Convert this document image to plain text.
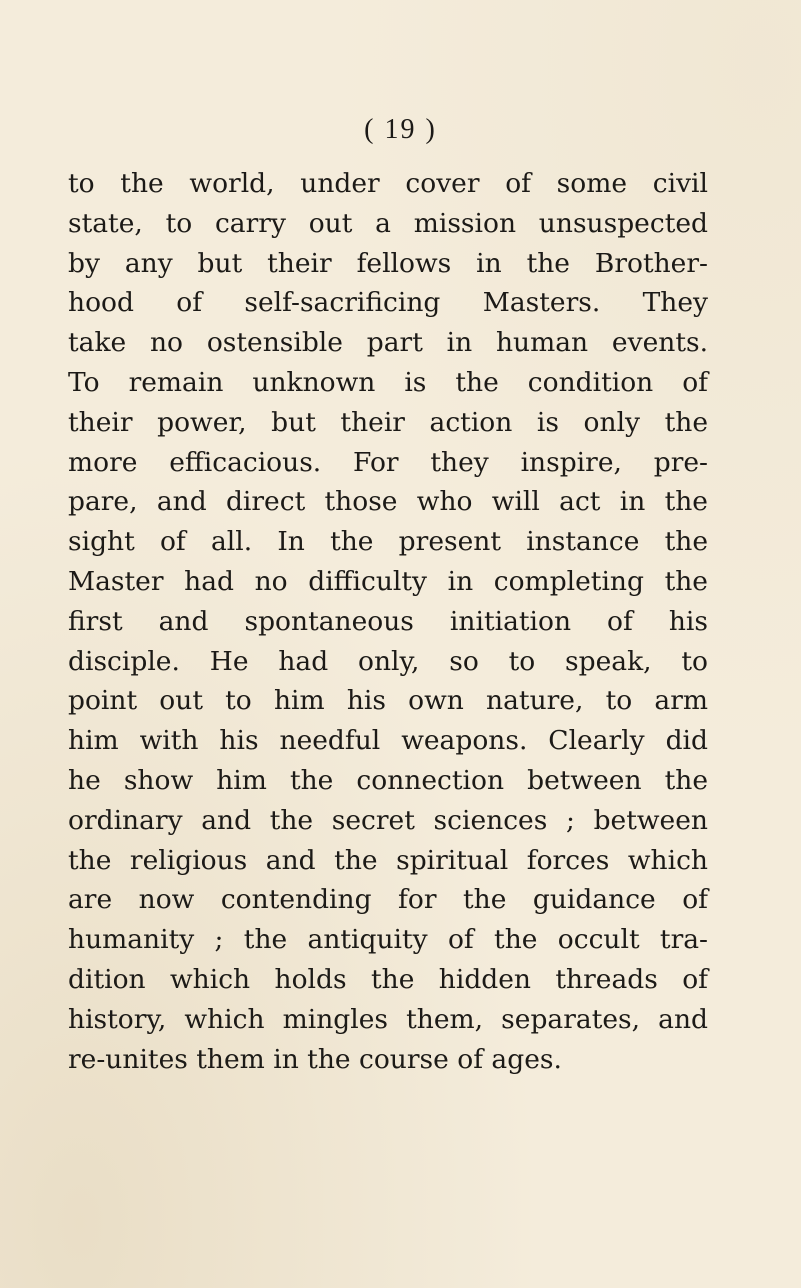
( 19 )
to the world, under cover of some civil
state, to carry out a mission unsuspected
by any but their fellows in the Brother-
hood of self-sacrificing Masters. They
take no ostensible part in human events.
To remain unknown is the condition of
their power, but their action is only the
more efficacious. For they inspire, pre-
pare, and direct those who will act in the
sight of all. In the present instance the
Master had no difficulty in completing the
first and spontaneous initiation of his
disciple. He had only, so to speak, to
point out to him his own nature, to arm
him with his needful weapons. Clearly did
he show him the connection between the
ordinary and the secret sciences ; between
the religious and the spiritual forces which
are now contending for the guidance of
humanity ; the antiquity of the occult tra-
dition which holds the hidden threads of
history, which mingles them, separates, and
re-unites them in the course of ages.
